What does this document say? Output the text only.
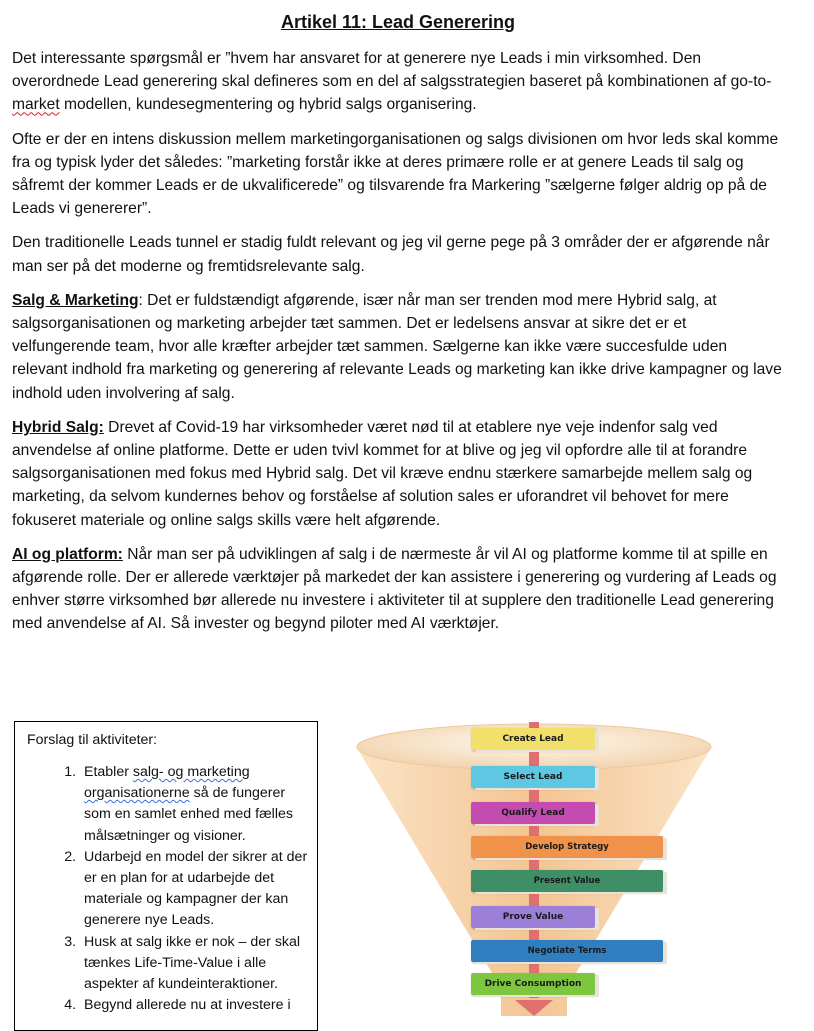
Artikel 11: Lead Generering

Det interessante spørgsmål er ”hvem har ansvaret for at generere nye Leads i min virksomhed. Den overordnede Lead generering skal defineres som en del af salgsstrategien baseret på kombinationen af go-to-market modellen, kundesegmentering og hybrid salgs organisering.

Ofte er der en intens diskussion mellem marketingorganisationen og salgs divisionen om hvor leds skal komme fra og typisk lyder det således: ”marketing forstår ikke at deres primære rolle er at genere Leads til salg og såfremt der kommer Leads er de ukvalificerede” og tilsvarende fra Markering ”sælgerne følger aldrig op på de Leads vi genererer”.

Den traditionelle Leads tunnel er stadig fuldt relevant og jeg vil gerne pege på 3 områder der er afgørende når man ser på det moderne og fremtidsrelevante salg.

Salg & Marketing: Det er fuldstændigt afgørende, især når man ser trenden mod mere Hybrid salg, at salgsorganisationen og marketing arbejder tæt sammen. Det er ledelsens ansvar at sikre det er et velfungerende team, hvor alle kræfter arbejder tæt sammen. Sælgerne kan ikke være succesfulde uden relevant indhold fra marketing og generering af relevante Leads og marketing kan ikke drive kampagner og lave indhold uden involvering af salg.

Hybrid Salg: Drevet af Covid-19 har virksomheder været nød til at etablere nye veje indenfor salg ved anvendelse af online platforme. Dette er uden tvivl kommet for at blive og jeg vil opfordre alle til at forandre salgsorganisationen med fokus med Hybrid salg. Det vil kræve endnu stærkere samarbejde mellem salg og marketing, da selvom kundernes behov og forståelse af solution sales er uforandret vil behovet for mere fokuseret materiale og online salgs skills være helt afgørende.

AI og platform: Når man ser på udviklingen af salg i de nærmeste år vil AI og platforme komme til at spille en afgørende rolle. Der er allerede værktøjer på markedet der kan assistere i generering og vurdering af Leads og enhver større virksomhed bør allerede nu investere i aktiviteter til at supplere den traditionelle Lead generering med anvendelse af AI. Så invester og begynd piloter med AI værktøjer.

Forslag til aktiviteter:
1. Etabler salg- og marketing organisationerne så de fungerer som en samlet enhed med fælles målsætninger og visioner.
2. Udarbejd en model der sikrer at der er en plan for at udarbejde det materiale og kampagner der kan generere nye Leads.
3. Husk at salg ikke er nok – der skal tænkes Life-Time-Value i alle aspekter af kundeinteraktioner.
4. Begynd allerede nu at investere i
Create Lead
Select Lead
Qualify Lead
Develop Strategy
Present Value
Prove Value
Negotiate Terms
Drive Consumption
